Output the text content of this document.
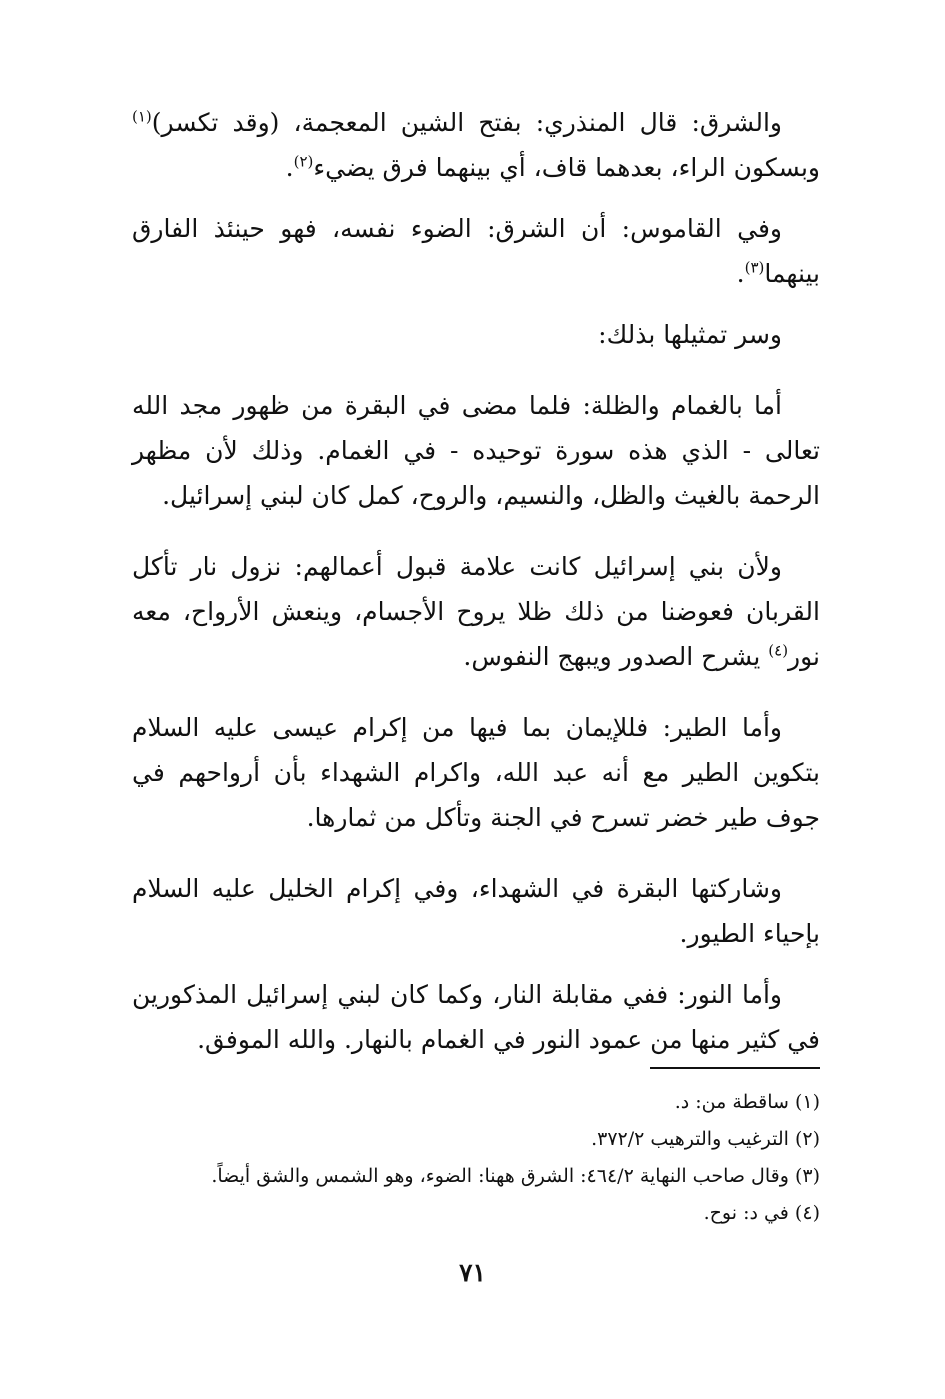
والشرق: قال المنذري: بفتح الشين المعجمة، (وقد تكسر)$^{(١)}$ وبسكون الراء، بعدهما قاف، أي بينهما فرق يضيء$^{(٢)}$.

وفي القاموس: أن الشرق: الضوء نفسه، فهو حينئذ الفارق بينهما$^{(٣)}$.

وسر تمثيلها بذلك:

أما بالغمام والظلة: فلما مضى في البقرة من ظهور مجد الله تعالى - الذي هذه سورة توحيده - في الغمام. وذلك لأن مظهر الرحمة بالغيث والظل، والنسيم، والروح، كمل كان لبني إسرائيل.

ولأن بني إسرائيل كانت علامة قبول أعمالهم: نزول نار تأكل القربان فعوضنا من ذلك ظلا يروح الأجسام، وينعش الأرواح، معه نور$^{(٤)}$ يشرح الصدور ويبهج النفوس.

وأما الطير: فللإيمان بما فيها من إكرام عيسى عليه السلام بتكوين الطير مع أنه عبد الله، واكرام الشهداء بأن أرواحهم في جوف طير خضر تسرح في الجنة وتأكل من ثمارها.

وشاركتها البقرة في الشهداء، وفي إكرام الخليل عليه السلام بإحياء الطيور.

وأما النور: ففي مقابلة النار، وكما كان لبني إسرائيل المذكورين في كثير منها من عمود النور في الغمام بالنهار. والله الموفق.

(١) ساقطة من: د.

(٢) الترغيب والترهيب ٣٧٢/٢.

(٣) وقال صاحب النهاية ٤٦٤/٢: الشرق ههنا: الضوء، وهو الشمس والشق أيضاً.

(٤) في د: نوح.

٧١
